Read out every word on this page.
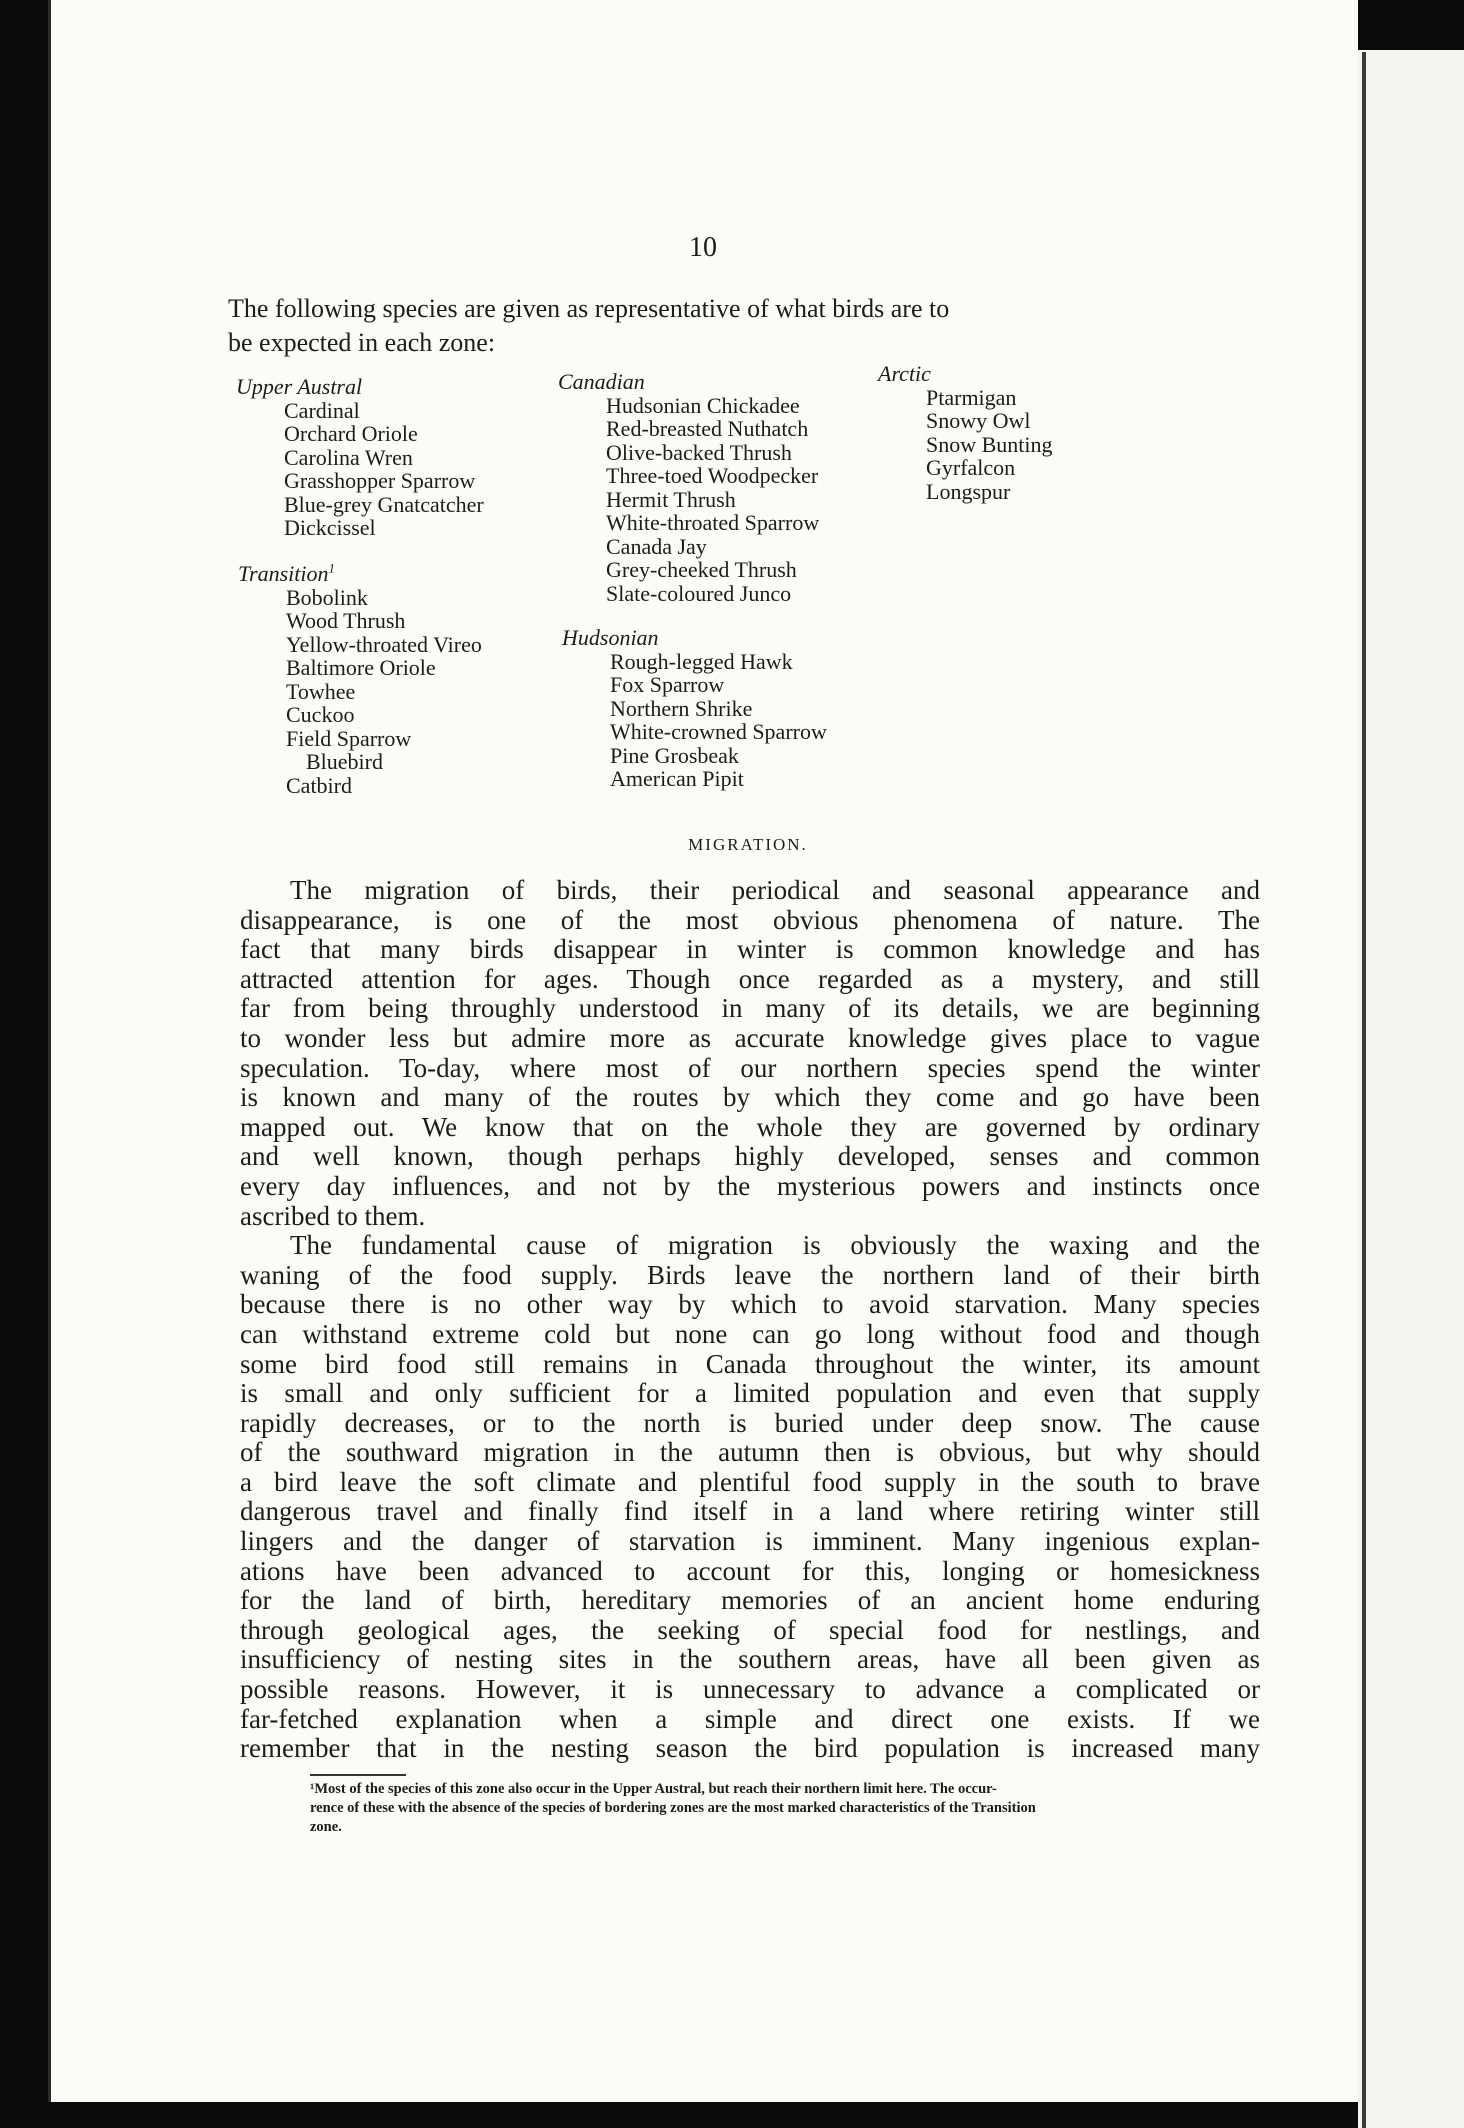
10
The following species are given as representative of what birds are to
be expected in each zone:
Upper Austral
Cardinal
Orchard Oriole
Carolina Wren
Grasshopper Sparrow
Blue-grey Gnatcatcher
Dickcissel
Transition$^1$
Bobolink
Wood Thrush
Yellow-throated Vireo
Baltimore Oriole
Towhee
Cuckoo
Field Sparrow
Bluebird
Catbird
Canadian
Hudsonian Chickadee
Red-breasted Nuthatch
Olive-backed Thrush
Three-toed Woodpecker
Hermit Thrush
White-throated Sparrow
Canada Jay
Grey-cheeked Thrush
Slate-coloured Junco
Hudsonian
Rough-legged Hawk
Fox Sparrow
Northern Shrike
White-crowned Sparrow
Pine Grosbeak
American Pipit
Arctic
Ptarmigan
Snowy Owl
Snow Bunting
Gyrfalcon
Longspur
MIGRATION.
The migration of birds, their periodical and seasonal appearance and
disappearance, is one of the most obvious phenomena of nature. The
fact that many birds disappear in winter is common knowledge and has
attracted attention for ages. Though once regarded as a mystery, and still
far from being throughly understood in many of its details, we are beginning
to wonder less but admire more as accurate knowledge gives place to vague
speculation. To-day, where most of our northern species spend the winter
is known and many of the routes by which they come and go have been
mapped out. We know that on the whole they are governed by ordinary
and well known, though perhaps highly developed, senses and common
every day influences, and not by the mysterious powers and instincts once
ascribed to them.
The fundamental cause of migration is obviously the waxing and the
waning of the food supply. Birds leave the northern land of their birth
because there is no other way by which to avoid starvation. Many species
can withstand extreme cold but none can go long without food and though
some bird food still remains in Canada throughout the winter, its amount
is small and only sufficient for a limited population and even that supply
rapidly decreases, or to the north is buried under deep snow. The cause
of the southward migration in the autumn then is obvious, but why should
a bird leave the soft climate and plentiful food supply in the south to brave
dangerous travel and finally find itself in a land where retiring winter still
lingers and the danger of starvation is imminent. Many ingenious explan-
ations have been advanced to account for this, longing or homesickness
for the land of birth, hereditary memories of an ancient home enduring
through geological ages, the seeking of special food for nestlings, and
insufficiency of nesting sites in the southern areas, have all been given as
possible reasons. However, it is unnecessary to advance a complicated or
far-fetched explanation when a simple and direct one exists. If we
remember that in the nesting season the bird population is increased many
¹Most of the species of this zone also occur in the Upper Austral, but reach their northern limit here. The occur-
rence of these with the absence of the species of bordering zones are the most marked characteristics of the Transition
zone.
